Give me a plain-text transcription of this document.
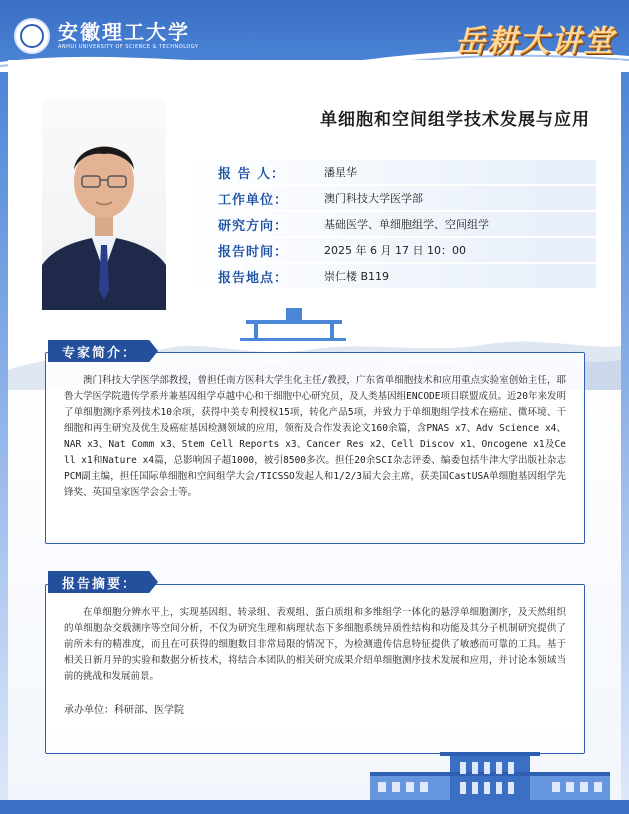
安徽理工大学
ANHUI UNIVERSITY OF SCIENCE & TECHNOLOGY	岳耕大讲堂
单细胞和空间组学技术发展与应用
报 告 人：	潘星华
工作单位：	澳门科技大学医学部
研究方向：	基础医学、单细胞组学、空间组学
报告时间：	2025 年 6 月 17 日 10：00
报告地点：	崇仁楼 B119

澳门科技大学医学部教授，曾担任南方医科大学生化主任/教授，广东省单细胞技术和应用重点实验室创始主任，耶鲁大学医学院遗传学系并兼基因组学卓越中心和干细胞中心研究员，及人类基因组ENCODE项目联盟成员。近20年来发明了单细胞测序系列技术10余项，获得中美专利授权15项，转化产品5项，并致力于单细胞组学技术在癌症、微环境、干细胞和再生研究及优生及癌症基因检测领域的应用，领衔及合作发表论文160余篇，含PNAS x7、Adv Science x4、NAR x3、Nat Comm x3、Stem Cell Reports x3、Cancer Res x2、Cell Discov x1、Oncogene x1及Cell x1和Nature x4篇，总影响因子超1000，被引8500多次。担任20余SCI杂志评委、编委包括牛津大学出版社杂志PCM副主编，担任国际单细胞和空间组学大会/TICSSO发起人和1/2/3届大会主席，获美国CastUSA单细胞基因组学先锋奖、英国皇家医学会会士等。

专家简介：

在单细胞分辨水平上，实现基因组、转录组、表观组、蛋白质组和多维组学一体化的悬浮单细胞测序，及天然组织的单细胞杂交载测序等空间分析，不仅为研究生理和病理状态下多细胞系统异质性结构和功能及其分子机制研究提供了前所未有的精准度，而且在可获得的细胞数目非常局限的情况下，为检测遗传信息特征提供了敏感而可靠的工具。基于相关日新月异的实验和数据分析技术，将结合本团队的相关研究成果介绍单细胞测序技术发展和应用，并讨论本领域当前的挑战和发展前景。

承办单位：科研部、医学院
报告摘要：
